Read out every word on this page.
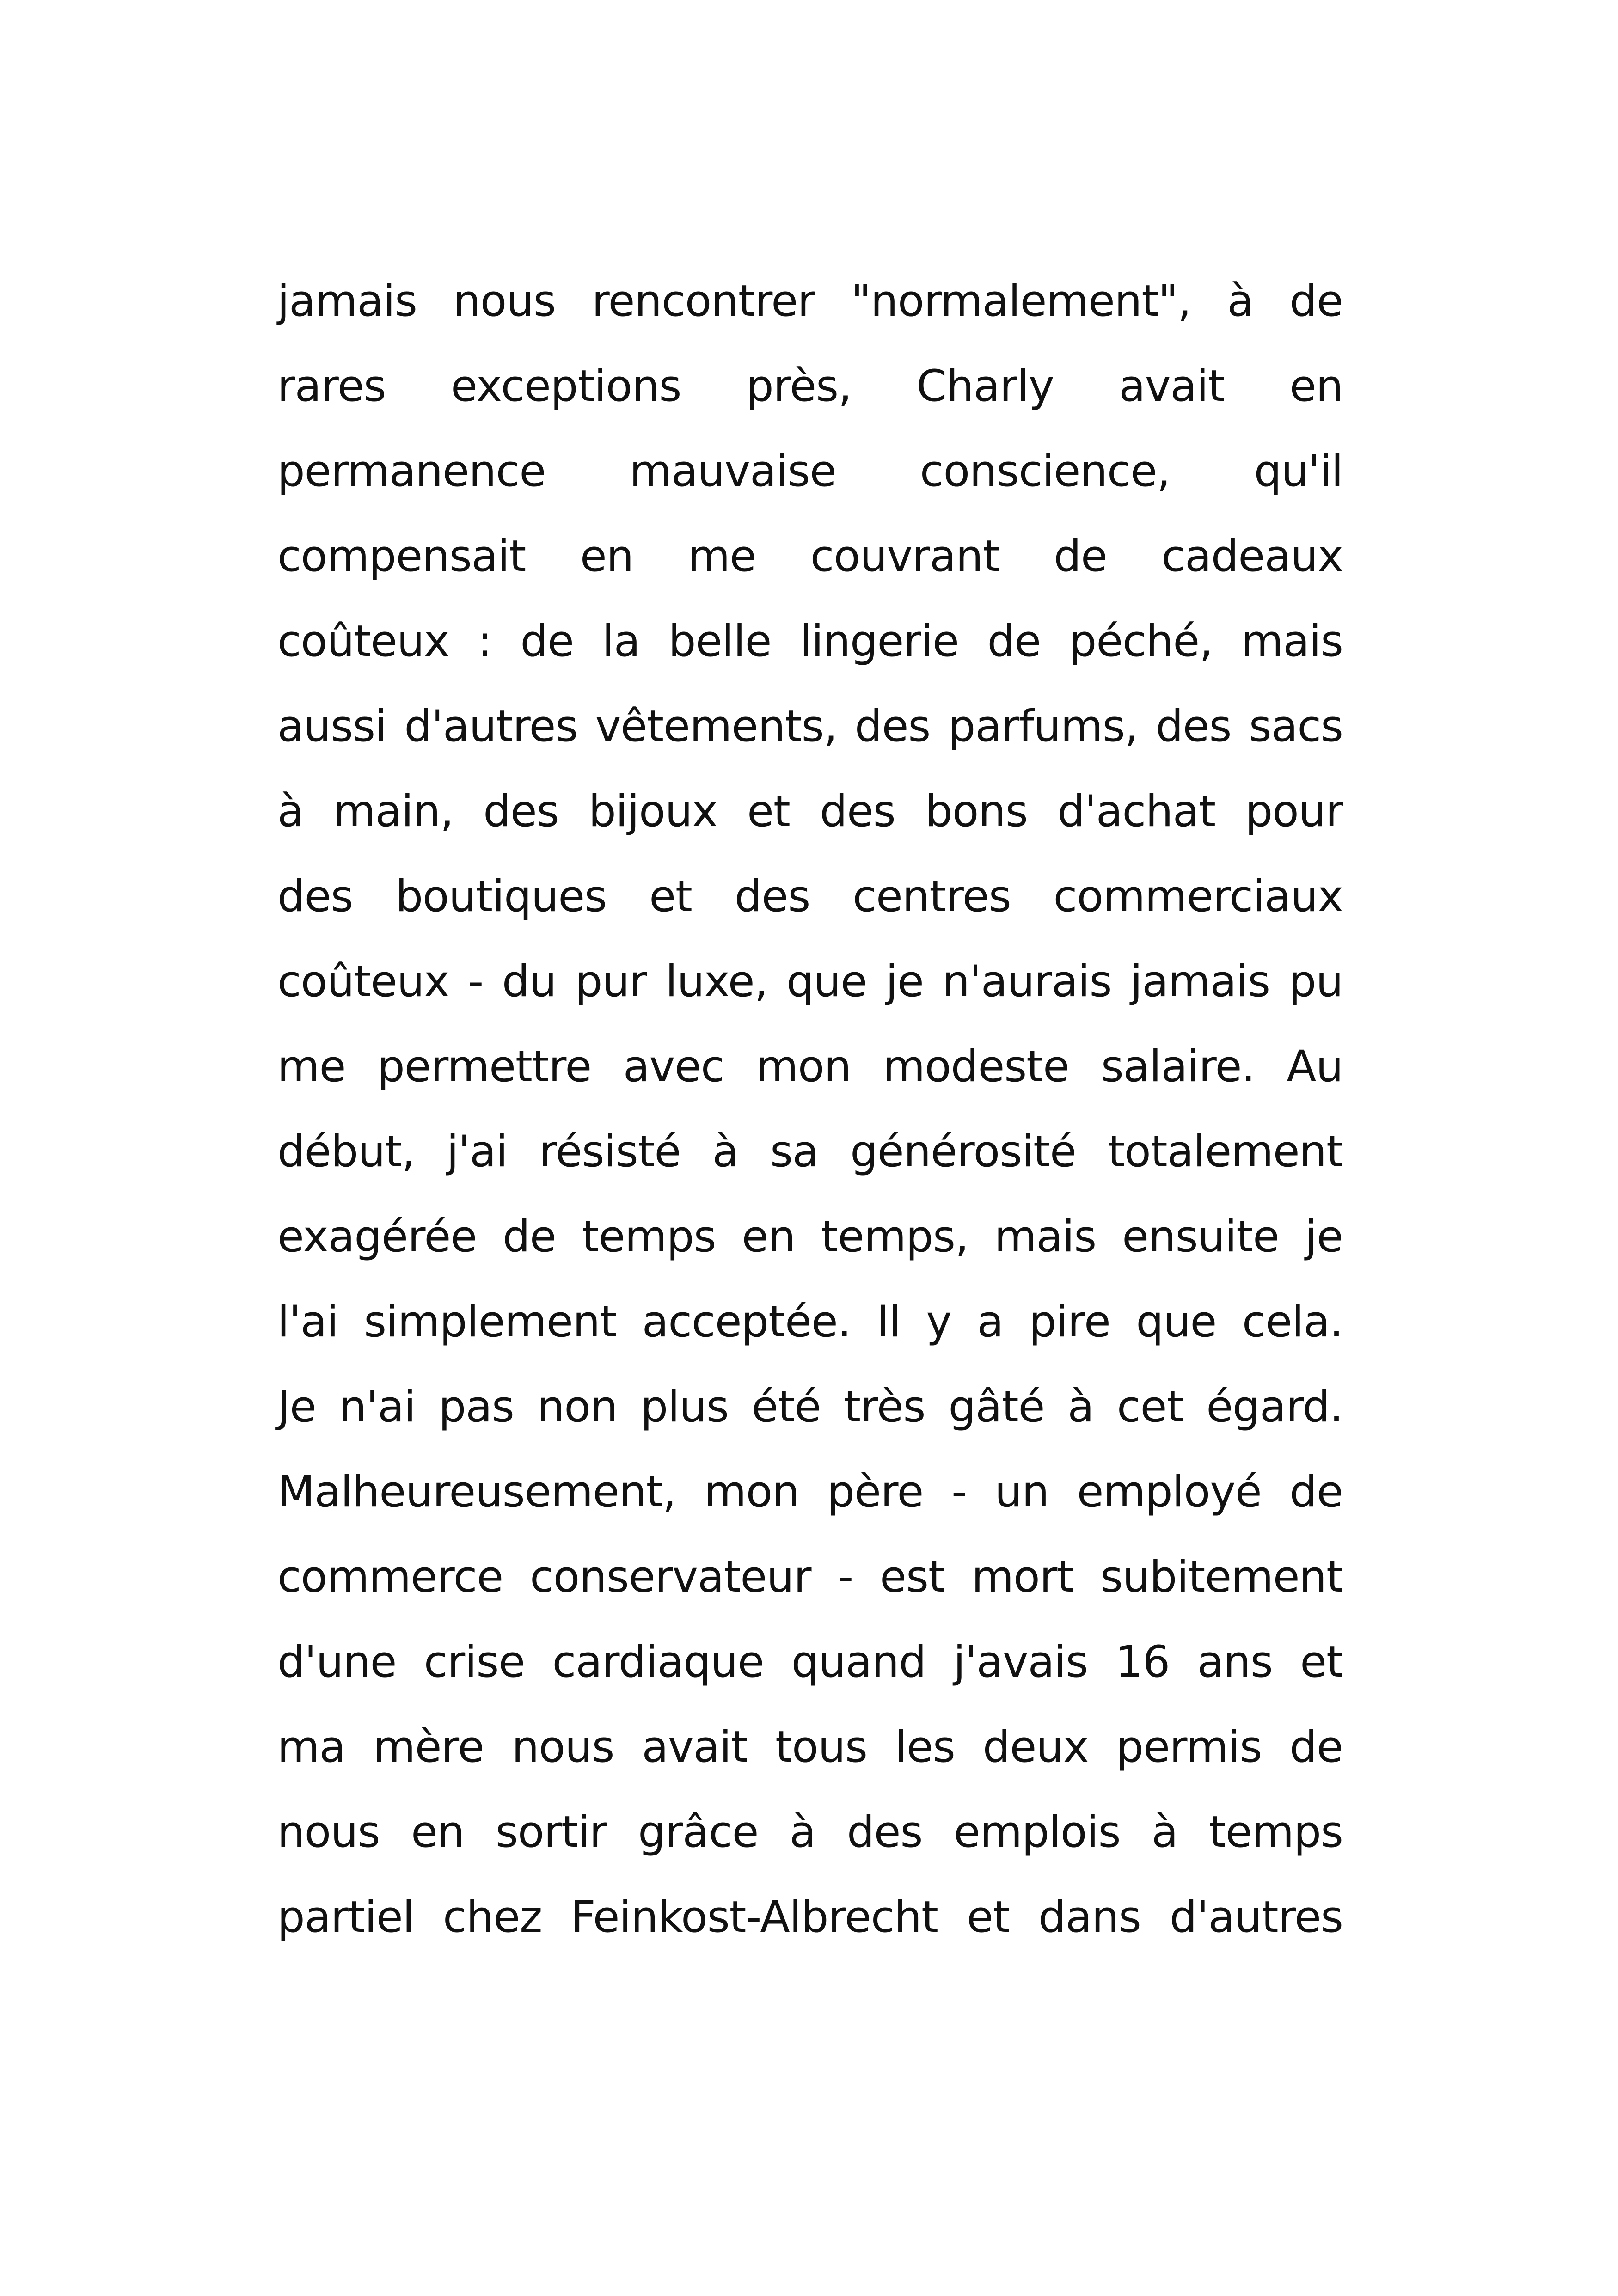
jamais nous rencontrer "normalement", à de
rares exceptions près, Charly avait en
permanence mauvaise conscience, qu'il
compensait en me couvrant de cadeaux
coûteux : de la belle lingerie de péché, mais
aussi d'autres vêtements, des parfums, des sacs
à main, des bijoux et des bons d'achat pour
des boutiques et des centres commerciaux
coûteux - du pur luxe, que je n'aurais jamais pu
me permettre avec mon modeste salaire. Au
début, j'ai résisté à sa générosité totalement
exagérée de temps en temps, mais ensuite je
l'ai simplement acceptée. Il y a pire que cela.
Je n'ai pas non plus été très gâté à cet égard.
Malheureusement, mon père - un employé de
commerce conservateur - est mort subitement
d'une crise cardiaque quand j'avais 16 ans et
ma mère nous avait tous les deux permis de
nous en sortir grâce à des emplois à temps
partiel chez Feinkost-Albrecht et dans d'autres
